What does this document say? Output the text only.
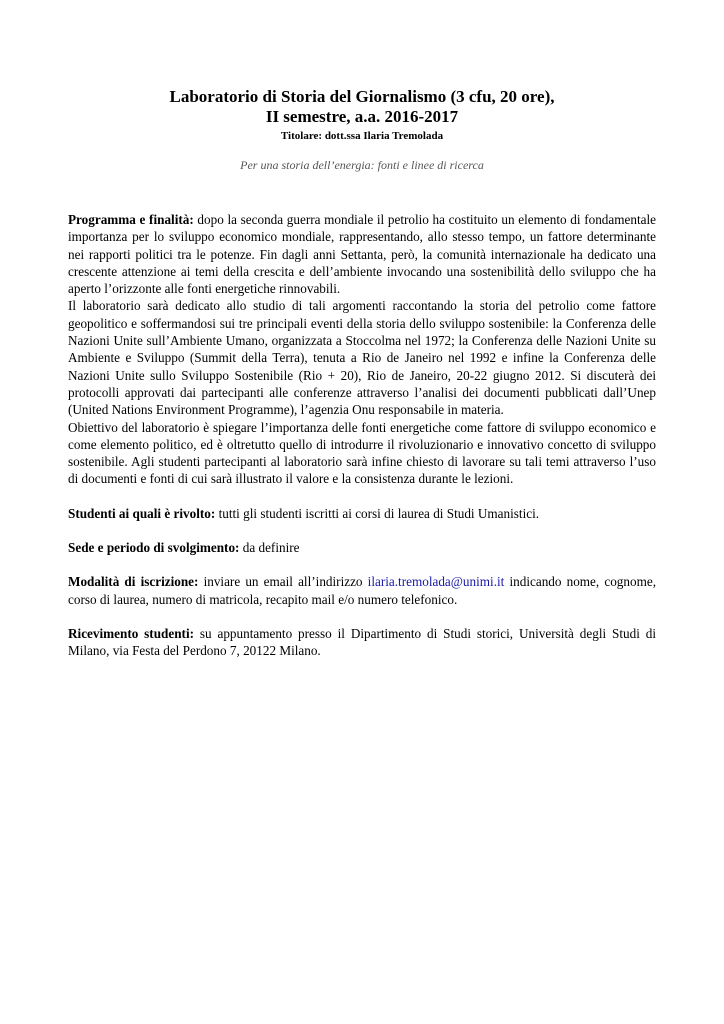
Laboratorio di Storia del Giornalismo (3 cfu, 20 ore),
II semestre, a.a. 2016-2017
Titolare: dott.ssa Ilaria Tremolada
Per una storia dell’energia: fonti e linee di ricerca

Programma e finalità: dopo la seconda guerra mondiale il petrolio ha costituito un elemento di fondamentale importanza per lo sviluppo economico mondiale, rappresentando, allo stesso tempo, un fattore determinante nei rapporti politici tra le potenze. Fin dagli anni Settanta, però, la comunità internazionale ha dedicato una crescente attenzione ai temi della crescita e dell’ambiente invocando una sostenibilità dello sviluppo che ha aperto l’orizzonte alle fonti energetiche rinnovabili.

Il laboratorio sarà dedicato allo studio di tali argomenti raccontando la storia del petrolio come fattore geopolitico e soffermandosi sui tre principali eventi della storia dello sviluppo sostenibile: la Conferenza delle Nazioni Unite sull’Ambiente Umano, organizzata a Stoccolma nel 1972; la Conferenza delle Nazioni Unite su Ambiente e Sviluppo (Summit della Terra), tenuta a Rio de Janeiro nel 1992 e infine la Conferenza delle Nazioni Unite sullo Sviluppo Sostenibile (Rio + 20), Rio de Janeiro, 20-22 giugno 2012. Si discuterà dei protocolli approvati dai partecipanti alle conferenze attraverso l’analisi dei documenti pubblicati dall’Unep (United Nations Environment Programme), l’agenzia Onu responsabile in materia.

Obiettivo del laboratorio è spiegare l’importanza delle fonti energetiche come fattore di sviluppo economico e come elemento politico, ed è oltretutto quello di introdurre il rivoluzionario e innovativo concetto di sviluppo sostenibile. Agli studenti partecipanti al laboratorio sarà infine chiesto di lavorare su tali temi attraverso l’uso di documenti e fonti di cui sarà illustrato il valore e la consistenza durante le lezioni.

Studenti ai quali è rivolto: tutti gli studenti iscritti ai corsi di laurea di Studi Umanistici.

Sede e periodo di svolgimento: da definire

Modalità di iscrizione: inviare un email all’indirizzo ilaria.tremolada@unimi.it indicando nome, cognome, corso di laurea, numero di matricola, recapito mail e/o numero telefonico.

Ricevimento studenti: su appuntamento presso il Dipartimento di Studi storici, Università degli Studi di Milano, via Festa del Perdono 7, 20122 Milano.
